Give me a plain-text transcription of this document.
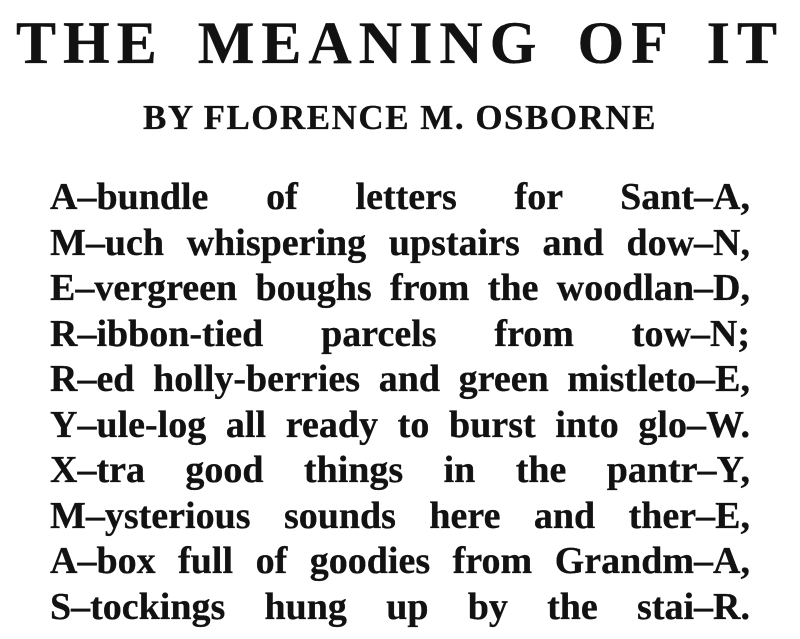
THE MEANING OF IT
BY FLORENCE M. OSBORNE
A–bundle of letters for Sant–A,
M–uch whispering upstairs and dow–N,
E–vergreen boughs from the woodlan–D,
R–ibbon-tied parcels from tow–N;
R–ed holly-berries and green mistleto–E,
Y–ule-log all ready to burst into glo–W.
X–tra good things in the pantr–Y,
M–ysterious sounds here and ther–E,
A–box full of goodies from Grandm–A,
S–tockings hung up by the stai–R.
